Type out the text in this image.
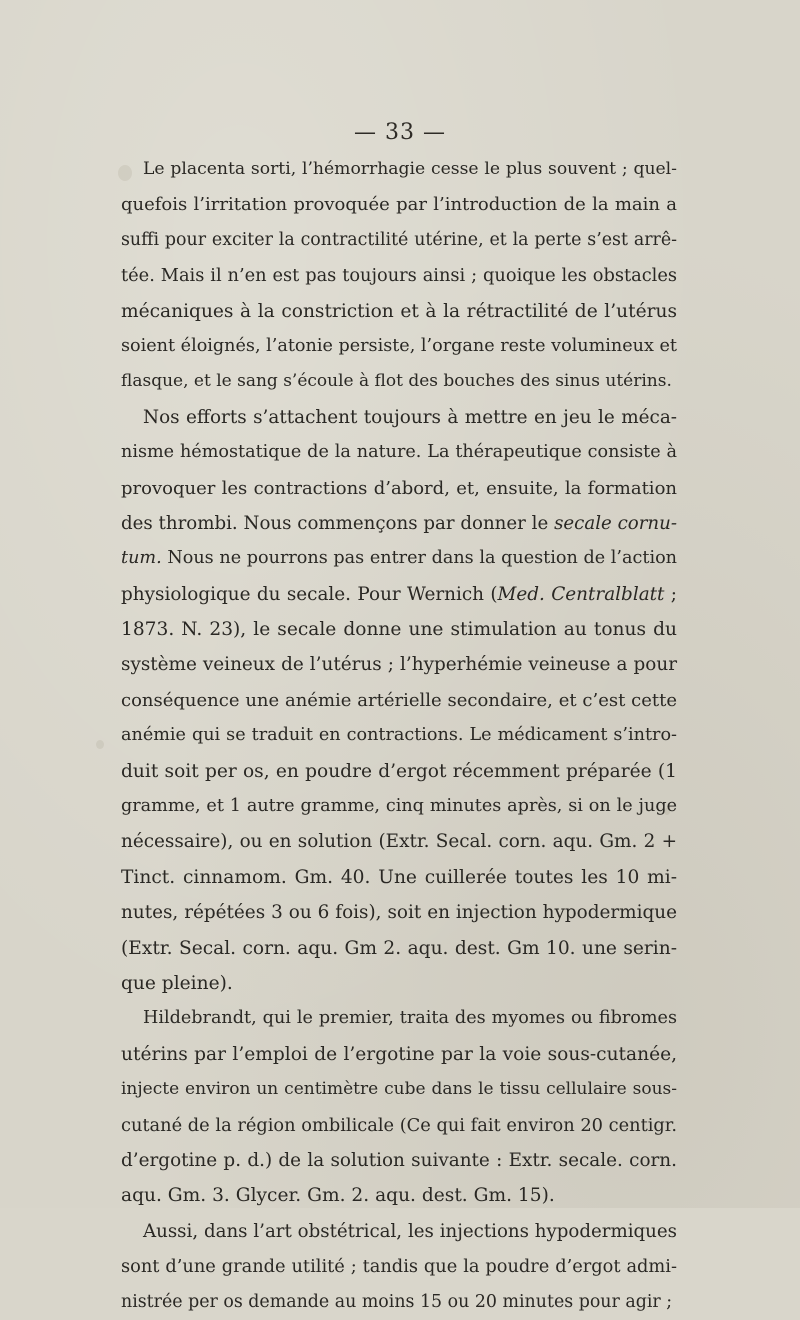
— 33 —
Le placenta sorti, l’hémorrhagie cesse le plus souvent ; quel-
quefois l’irritation provoquée par l’introduction de la main a
suffi pour exciter la contractilité utérine, et la perte s’est arrê-
tée. Mais il n’en est pas toujours ainsi ; quoique les obstacles
mécaniques à la constriction et à la rétractilité de l’utérus
soient éloignés, l’atonie persiste, l’organe reste volumineux et
flasque, et le sang s’écoule à flot des bouches des sinus utérins.
Nos efforts s’attachent toujours à mettre en jeu le méca-
nisme hémostatique de la nature. La thérapeutique consiste à
provoquer les contractions d’abord, et, ensuite, la formation
des thrombi. Nous commençons par donner le secale cornu-
tum. Nous ne pourrons pas entrer dans la question de l’action
physiologique du secale. Pour Wernich (Med. Centralblatt ;
1873. N. 23), le secale donne une stimulation au tonus du
système veineux de l’utérus ; l’hyperhémie veineuse a pour
conséquence une anémie artérielle secondaire, et c’est cette
anémie qui se traduit en contractions. Le médicament s’intro-
duit soit per os, en poudre d’ergot récemment préparée (1
gramme, et 1 autre gramme, cinq minutes après, si on le juge
nécessaire), ou en solution (Extr. Secal. corn. aqu. Gm. 2 +
Tinct. cinnamom. Gm. 40. Une cuillerée toutes les 10 mi-
nutes, répétées 3 ou 6 fois), soit en injection hypodermique
(Extr. Secal. corn. aqu. Gm 2. aqu. dest. Gm 10. une serin-
que pleine).
Hildebrandt, qui le premier, traita des myomes ou fibromes
utérins par l’emploi de l’ergotine par la voie sous-cutanée,
injecte environ un centimètre cube dans le tissu cellulaire sous-
cutané de la région ombilicale (Ce qui fait environ 20 centigr.
d’ergotine p. d.) de la solution suivante : Extr. secale. corn.
aqu. Gm. 3. Glycer. Gm. 2. aqu. dest. Gm. 15).
Aussi, dans l’art obstétrical, les injections hypodermiques
sont d’une grande utilité ; tandis que la poudre d’ergot admi-
nistrée per os demande au moins 15 ou 20 minutes pour agir ;
